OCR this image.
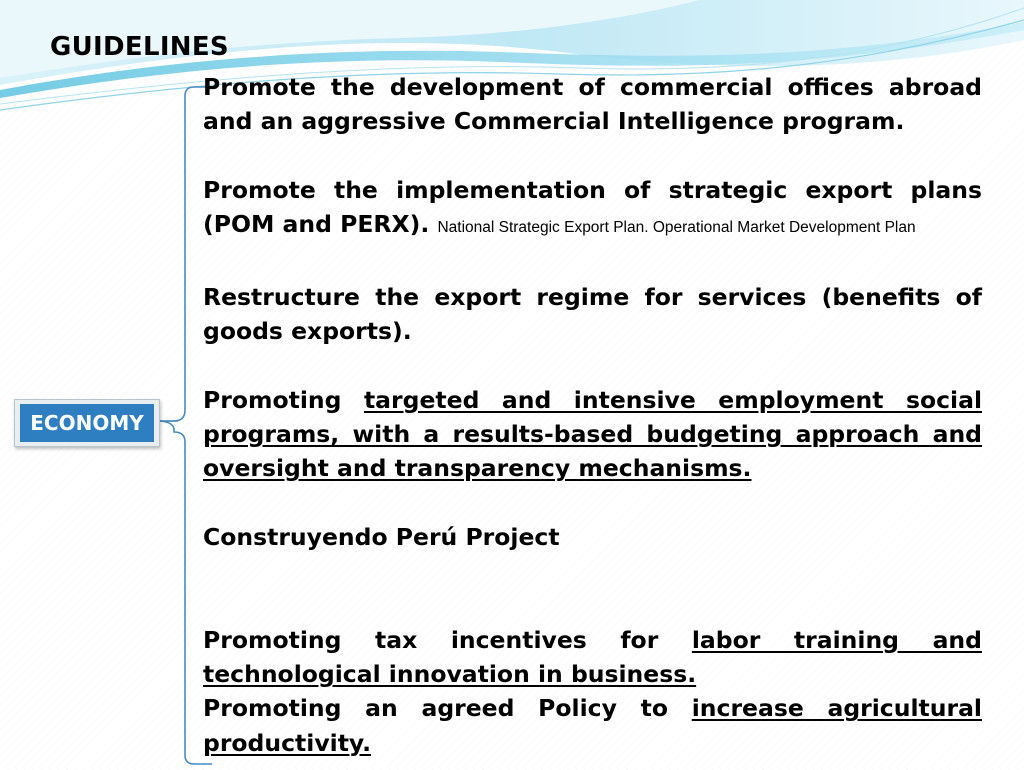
GUIDELINES
ECONOMY

Promote the development of commercial offices abroad and an aggressive Commercial Intelligence program.

Promote the implementation of strategic export plans (POM and PERX). National Strategic Export Plan. Operational Market Development Plan

Restructure the export regime for services (benefits of goods exports).

Promoting targeted and intensive employment social programs, with a results-based budgeting approach and oversight and transparency mechanisms.

Construyendo Perú Project

Promoting tax incentives for labor training and technological innovation in business.

Promoting an agreed Policy to increase agricultural productivity.
